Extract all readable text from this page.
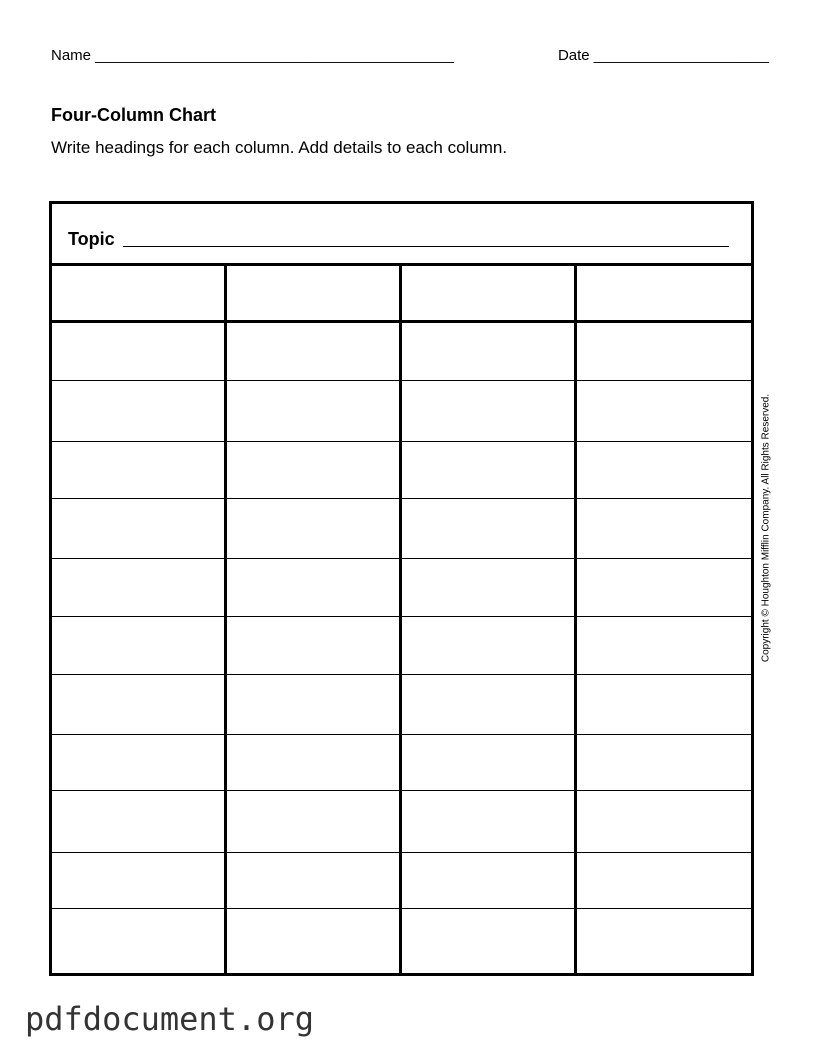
Name ___________________________________________	Date _____________________
Four-Column Chart
Write headings for each column. Add details to each column.
Topic
Copyright © Houghton Mifflin Company. All Rights Reserved.
pdfdocument.org
